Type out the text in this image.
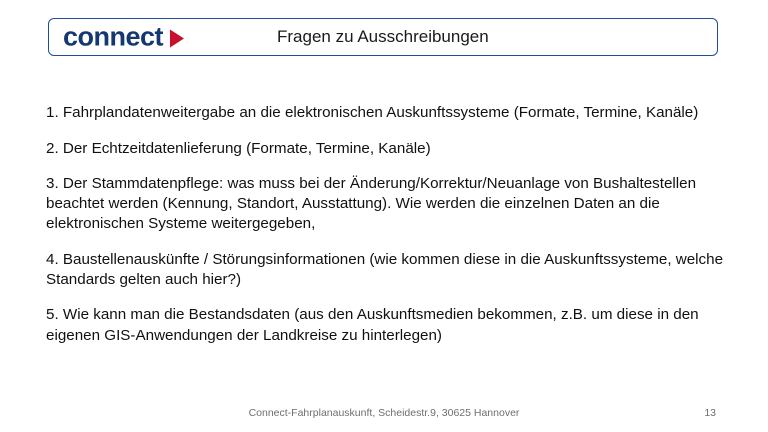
connect	Fragen zu Ausschreibungen

1. Fahrplandatenweitergabe an die elektronischen Auskunftssysteme (Formate, Termine, Kanäle)

2. Der Echtzeitdatenlieferung (Formate, Termine, Kanäle)

3. Der Stammdatenpflege: was muss bei der Änderung/Korrektur/Neuanlage von Bushaltestellen beachtet werden (Kennung, Standort, Ausstattung). Wie werden die einzelnen Daten an die elektronischen Systeme weitergegeben,

4. Baustellenauskünfte / Störungsinformationen (wie kommen diese in die Auskunftssysteme, welche Standards gelten auch hier?)

5. Wie kann man die Bestandsdaten (aus den Auskunftsmedien bekommen, z.B. um diese in den eigenen GIS-Anwendungen der Landkreise zu hinterlegen)

Connect-Fahrplanauskunft, Scheidestr.9, 30625 Hannover	13
